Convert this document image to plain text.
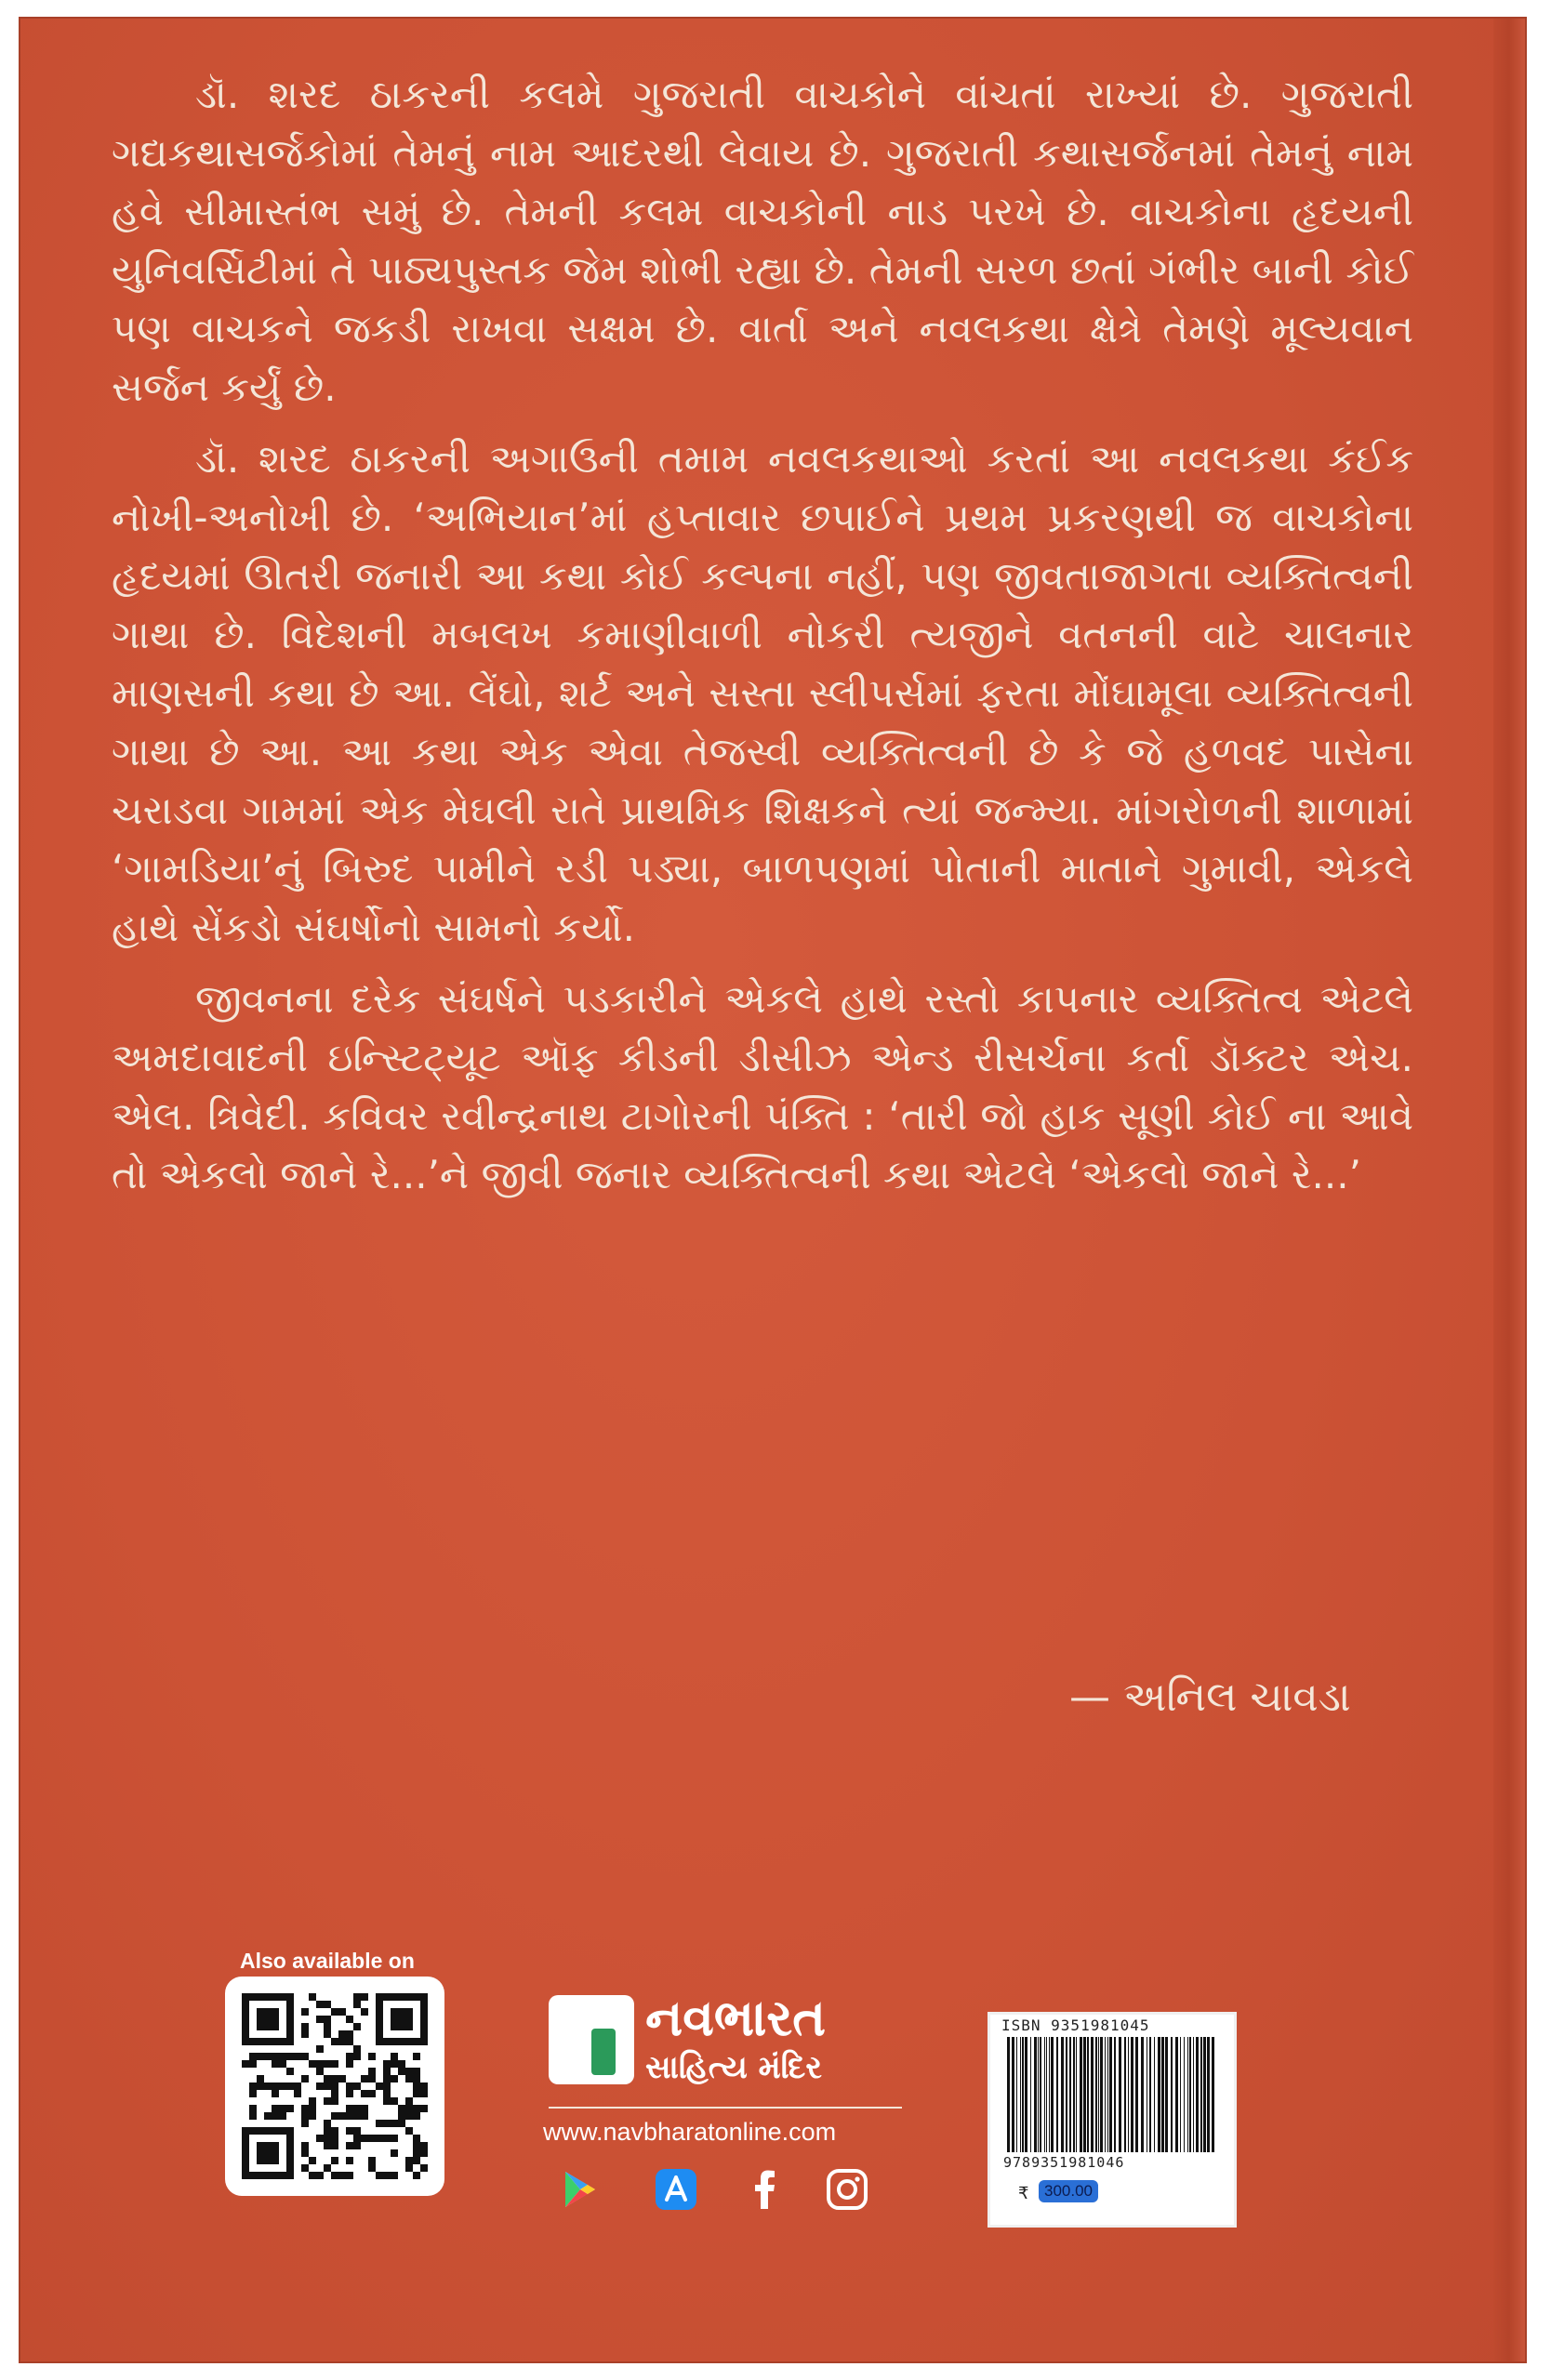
ડૉ. શરદ ઠાકરની કલમે ગુજરાતી વાચકોને વાંચતાં રાખ્યાં છે. ગુજરાતી ગદ્યકથાસર્જકોમાં તેમનું નામ આદરથી લેવાય છે. ગુજરાતી કથાસર્જનમાં તેમનું નામ હવે સીમાસ્તંભ સમું છે. તેમની કલમ વાચકોની નાડ પરખે છે. વાચકોના હૃદયની યુનિવર્સિટીમાં તે પાઠ્યપુસ્તક જેમ શોભી રહ્યા છે. તેમની સરળ છતાં ગંભીર બાની કોઈ પણ વાચકને જકડી રાખવા સક્ષમ છે. વાર્તા અને નવલકથા ક્ષેત્રે તેમણે મૂલ્યવાન સર્જન કર્યું છે.

ડૉ. શરદ ઠાકરની અગાઉની તમામ નવલકથાઓ કરતાં આ નવલકથા કંઈક નોખી-અનોખી છે. ‘અભિયાન’માં હપ્તાવાર છપાઈને પ્રથમ પ્રકરણથી જ વાચકોના હૃદયમાં ઊતરી જનારી આ કથા કોઈ કલ્પના નહીં, પણ જીવતાજાગતા વ્યક્તિત્વની ગાથા છે. વિદેશની મબલખ કમાણીવાળી નોકરી ત્યજીને વતનની વાટે ચાલનાર માણસની કથા છે આ. લેંઘો, શર્ટ અને સસ્તા સ્લીપર્સમાં ફરતા મોંઘામૂલા વ્યક્તિત્વની ગાથા છે આ. આ કથા એક એવા તેજસ્વી વ્યક્તિત્વની છે કે જે હળવદ પાસેના ચરાડવા ગામમાં એક મેઘલી રાતે પ્રાથમિક શિક્ષકને ત્યાં જન્મ્યા. માંગરોળની શાળામાં ‘ગામડિયા’નું બિરુદ પામીને રડી પડ્યા, બાળપણમાં પોતાની માતાને ગુમાવી, એકલે હાથે સેંકડો સંઘર્ષોનો સામનો કર્યો.

જીવનના દરેક સંઘર્ષને પડકારીને એકલે હાથે રસ્તો કાપનાર વ્યક્તિત્વ એટલે અમદાવાદની ઇન્સ્ટિટ્યૂટ ઑફ કીડની ડીસીઝ એન્ડ રીસર્ચના કર્તા ડૉક્ટર એચ. એલ. ત્રિવેદી. કવિવર રવીન્દ્રનાથ ટાગોરની પંક્તિ : ‘તારી જો હાક સૂણી કોઈ ના આવે તો એકલો જાને રે...’ને જીવી જનાર વ્યક્તિત્વની કથા એટલે ‘એકલો જાને રે...’

— અનિલ ચાવડા
Also available on
નવભારત
સાહિત્ય મંદિર
www.navbharatonline.com
ISBN 9351981045
9789351981046
₹ 300.00
